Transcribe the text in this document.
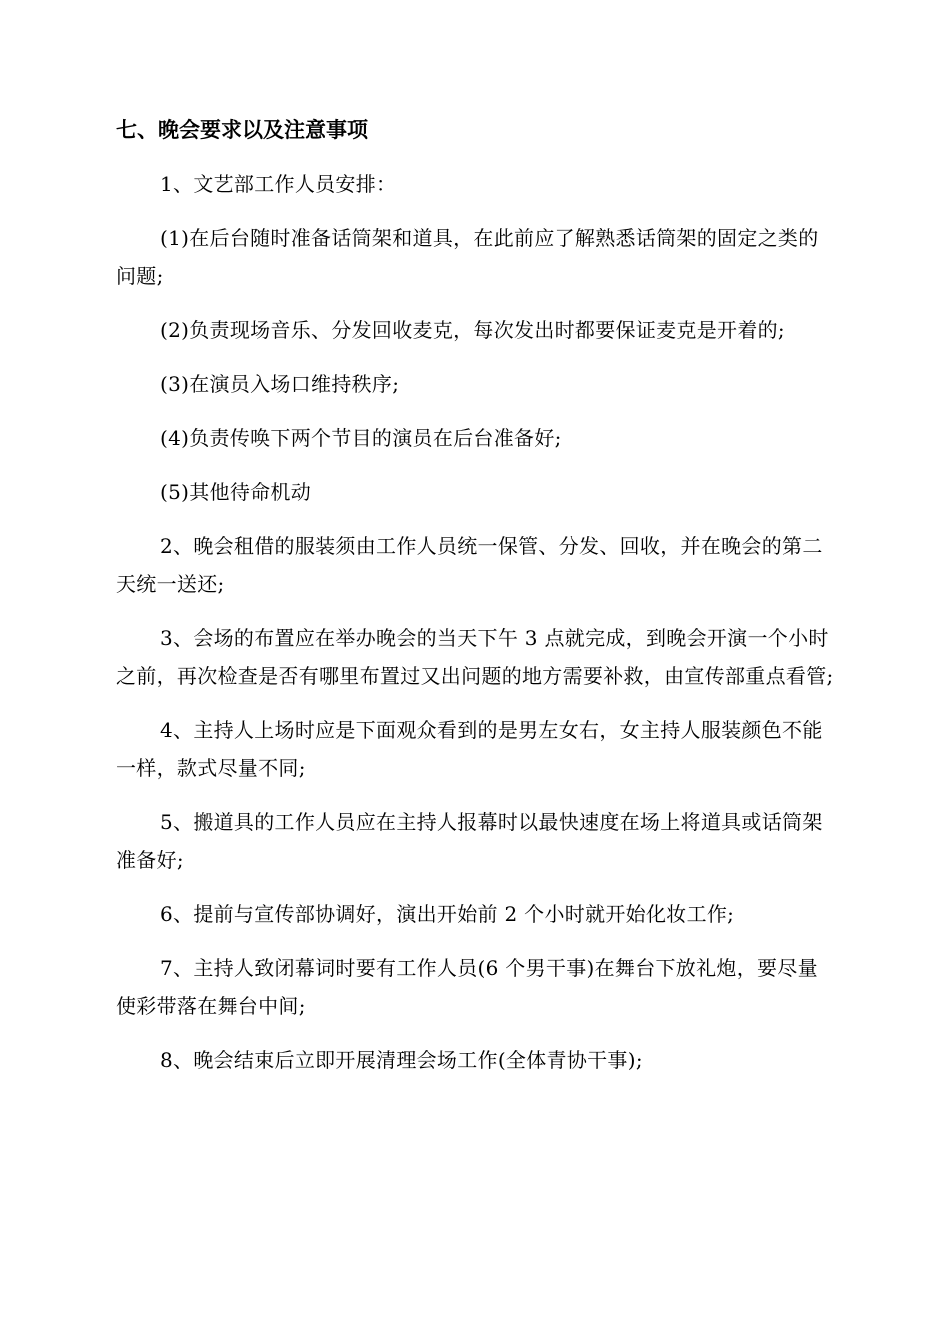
七、晚会要求以及注意事项

1、文艺部工作人员安排：

(1)在后台随时准备话筒架和道具，在此前应了解熟悉话筒架的固定之类的问题;

(2)负责现场音乐、分发回收麦克，每次发出时都要保证麦克是开着的;

(3)在演员入场口维持秩序;

(4)负责传唤下两个节目的演员在后台准备好;

(5)其他待命机动

2、晚会租借的服装须由工作人员统一保管、分发、回收，并在晚会的第二天统一送还;

3、会场的布置应在举办晚会的当天下午 3 点就完成，到晚会开演一个小时之前，再次检查是否有哪里布置过又出问题的地方需要补救，由宣传部重点看管;

4、主持人上场时应是下面观众看到的是男左女右，女主持人服装颜色不能一样，款式尽量不同;

5、搬道具的工作人员应在主持人报幕时以最快速度在场上将道具或话筒架准备好;

6、提前与宣传部协调好，演出开始前 2 个小时就开始化妆工作;

7、主持人致闭幕词时要有工作人员(6 个男干事)在舞台下放礼炮，要尽量使彩带落在舞台中间;

8、晚会结束后立即开展清理会场工作(全体青协干事);
